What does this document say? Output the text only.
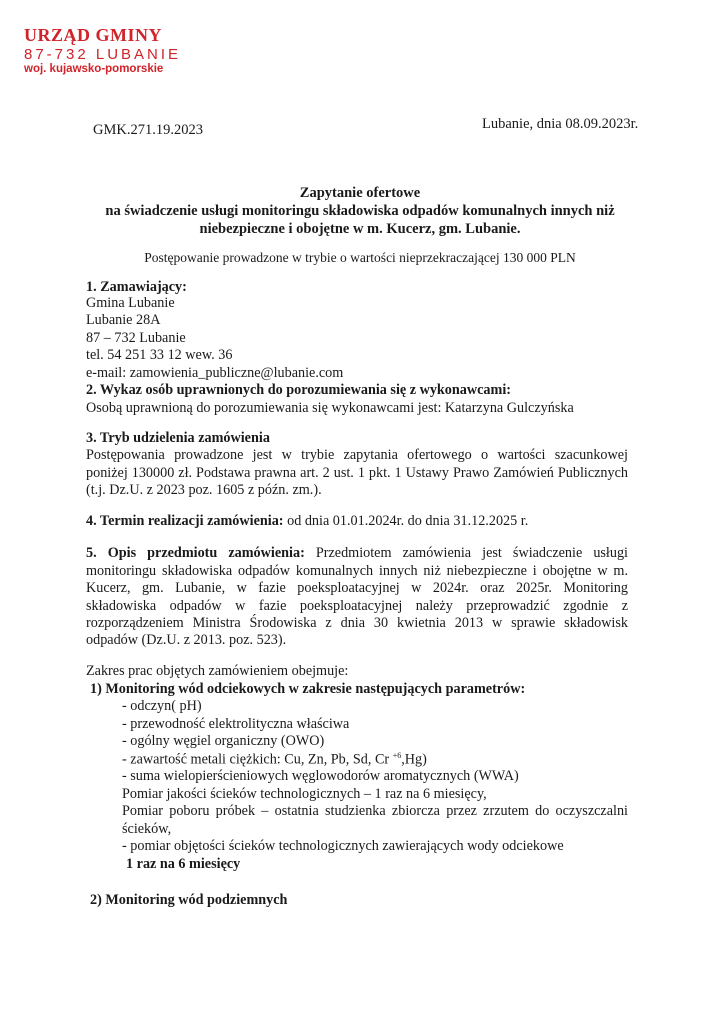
URZĄD GMINY
87-732 LUBANIE
woj. kujawsko-pomorskie
GMK.271.19.2023	Lubanie, dnia 08.09.2023r.
Zapytanie ofertowe
na świadczenie usługi monitoringu składowiska odpadów komunalnych innych niż
niebezpieczne i obojętne w m. Kucerz, gm. Lubanie.
Postępowanie prowadzone w trybie o wartości nieprzekraczającej 130 000 PLN
1. Zamawiający:
Gmina Lubanie
Lubanie 28A
87 – 732 Lubanie
tel. 54 251 33 12 wew. 36
e-mail: zamowienia_publiczne@lubanie.com
2. Wykaz osób uprawnionych do porozumiewania się z wykonawcami:
Osobą uprawnioną do porozumiewania się wykonawcami jest: Katarzyna Gulczyńska
3. Tryb udzielenia zamówienia
Postępowania prowadzone jest w trybie zapytania ofertowego o wartości szacunkowej
poniżej 130000 zł. Podstawa prawna art. 2 ust. 1 pkt. 1 Ustawy Prawo Zamówień Publicznych
(t.j. Dz.U. z 2023 poz. 1605 z późn. zm.).
4. Termin realizacji zamówienia: od dnia 01.01.2024r. do dnia 31.12.2025 r.
5. Opis przedmiotu zamówienia: Przedmiotem zamówienia jest świadczenie usługi
monitoringu składowiska odpadów komunalnych innych niż niebezpieczne i obojętne w m.
Kucerz, gm. Lubanie, w fazie poeksploatacyjnej w 2024r. oraz 2025r. Monitoring
składowiska odpadów w fazie poeksploatacyjnej należy przeprowadzić zgodnie z
rozporządzeniem Ministra Środowiska z dnia 30 kwietnia 2013 w sprawie składowisk
odpadów (Dz.U. z 2013. poz. 523).
Zakres prac objętych zamówieniem obejmuje:
1) Monitoring wód odciekowych w zakresie następujących parametrów:
- odczyn( pH)
- przewodność elektrolityczna właściwa
- ogólny węgiel organiczny (OWO)
- zawartość metali ciężkich: Cu, Zn, Pb, Sd, Cr $^{+6}$,Hg)
- suma wielopierścieniowych węglowodorów aromatycznych (WWA)
Pomiar jakości ścieków technologicznych – 1 raz na 6 miesięcy,
Pomiar poboru próbek – ostatnia studzienka zbiorcza przez zrzutem do oczyszczalni
ścieków,
- pomiar objętości ścieków technologicznych zawierających wody odciekowe
1 raz na 6 miesięcy
2) Monitoring wód podziemnych
